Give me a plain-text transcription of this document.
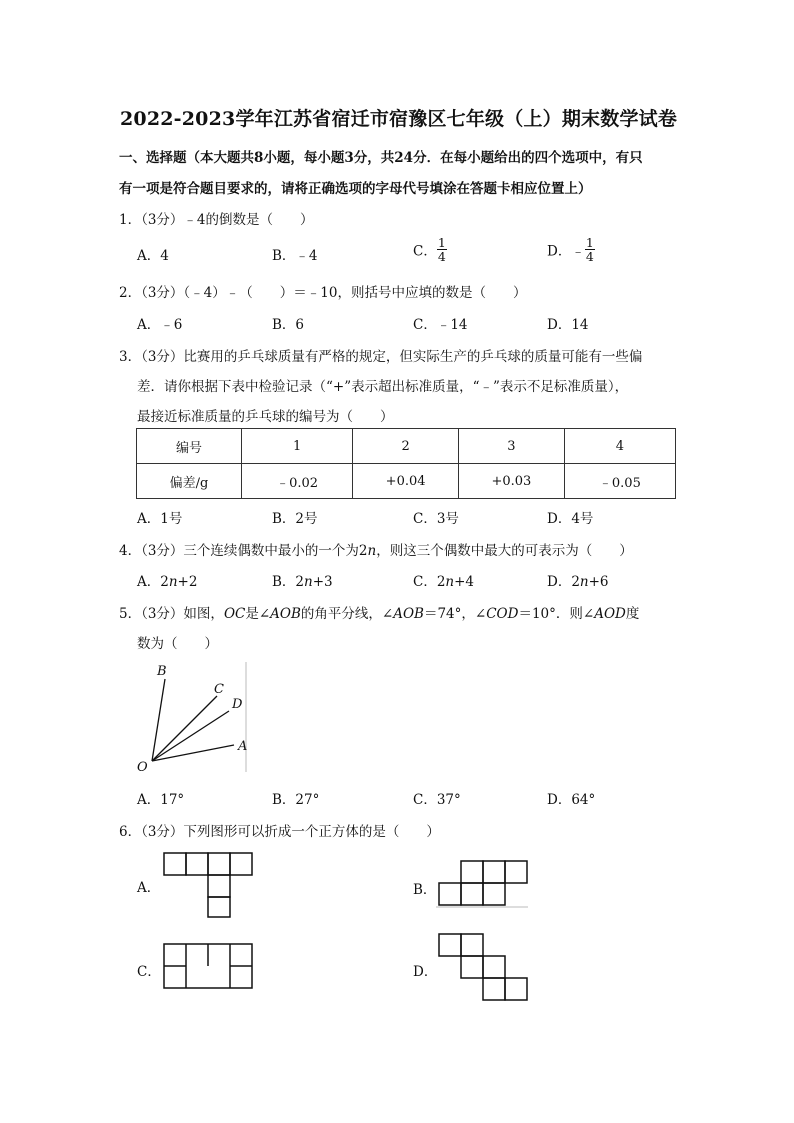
2022-2023学年江苏省宿迁市宿豫区七年级（上）期末数学试卷
一、选择题（本大题共8小题，每小题3分，共24分．在每小题给出的四个选项中，有只
有一项是符合题目要求的，请将正确选项的字母代号填涂在答题卡相应位置上）
1．（3分）﹣4的倒数是（　　）
A．4	B．﹣4	C． $\frac{1}{4}$	D．﹣ $\frac{1}{4}$
2．（3分）（﹣4）﹣（　　）＝﹣10，则括号中应填的数是（　　）
A．﹣6	B．6	C．﹣14	D．14
3．（3分）比赛用的乒乓球质量有严格的规定，但实际生产的乒乓球的质量可能有一些偏
差．请你根据下表中检验记录（“+”表示超出标准质量，“﹣”表示不足标准质量），
最接近标准质量的乒乓球的编号为（　　）
编号	1	2	3	4
偏差/g	﹣0.02	+0.04	+0.03	﹣0.05
A．1号	B．2号	C．3号	D．4号
4．（3分）三个连续偶数中最小的一个为2n，则这三个偶数中最大的可表示为（　　）
A．2n+2	B．2n+3	C．2n+4	D．2n+6
5．（3分）如图，OC是∠AOB的角平分线，∠AOB＝74°，∠COD＝10°．则∠AOD度
数为（　　）
B
C
D
A
O
A．17°	B．27°	C．37°	D．64°
6．（3分）下列图形可以折成一个正方体的是（　　）
A．	B．
C．	D．
